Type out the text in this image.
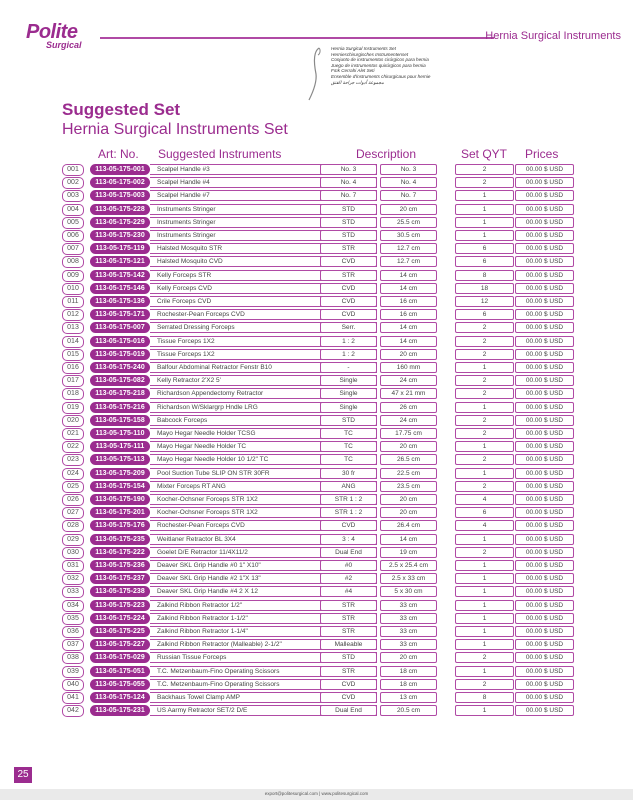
Polite
Surgical
Hernia Surgical Instruments
Hernia Surgical Instruments Set
Hernieschirurgisches Instrumentenset
Conjunto de instrumentos cirúrgicos para hernia
Juego de instrumentos quirúrgicos para hernia
Fıtık Cerrahi Alet Seti
Ensemble d'instruments chirurgicaux pour hernie
مجموعة أدوات جراحة الفتق
Suggested Set
Hernia Surgical Instruments Set
Art: No. Suggested Instruments	Description	Set QYT Prices
001	113-05-175-001	Scalpel Handle #3	No. 3	No. 3	2	00.00 $ USD
002	113-05-175-002	Scalpel Handle #4	No. 4	No. 4	2	00.00 $ USD
003	113-05-175-003	Scalpel Handle #7	No. 7	No. 7	1	00.00 $ USD
004	113-05-175-228	Instruments Stringer	STD	20 cm	1	00.00 $ USD
005	113-05-175-229	Instruments Stringer	STD	25.5 cm	1	00.00 $ USD
006	113-05-175-230	Instruments Stringer	STD	30.5 cm	1	00.00 $ USD
007	113-05-175-119	Halsted Mosquito STR	STR	12.7 cm	6	00.00 $ USD
008	113-05-175-121	Halsted Mosquito CVD	CVD	12.7 cm	6	00.00 $ USD
009	113-05-175-142	Kelly Forceps STR	STR	14 cm	8	00.00 $ USD
010	113-05-175-146	Kelly Forceps CVD	CVD	14 cm	18	00.00 $ USD
011	113-05-175-136	Crile Forceps CVD	CVD	16 cm	12	00.00 $ USD
012	113-05-175-171	Rochester-Pean Forceps CVD	CVD	16 cm	6	00.00 $ USD
013	113-05-175-007	Serrated Dressing Forceps	Serr.	14 cm	2	00.00 $ USD
014	113-05-175-016	Tissue Forceps 1X2	1 : 2	14 cm	2	00.00 $ USD
015	113-05-175-019	Tissue Forceps 1X2	1 : 2	20 cm	2	00.00 $ USD
016	113-05-175-240	Balfour Abdominal Retractor Fenstr B10	-	160 mm	1	00.00 $ USD
017	113-05-175-082	Kelly Retractor 2'X2 5'	Single	24 cm	2	00.00 $ USD
018	113-05-175-218	Richardson Appendectomy Retractor	Single	47 x 21 mm	2	00.00 $ USD
019	113-05-175-216	Richardson W/Sklargrp Hndle LRG	Single	26 cm	1	00.00 $ USD
020	113-05-175-158	Babcock Forceps	STD	24 cm	2	00.00 $ USD
021	113-05-175-110	Mayo Hegar Needle Holder TCSG	TC	17.75 cm	2	00.00 $ USD
022	113-05-175-111	Mayo Hegar Needle Holder TC	TC	20 cm	1	00.00 $ USD
023	113-05-175-113	Mayo Hegar Needle Holder 10 1/2" TC	TC	26.5 cm	2	00.00 $ USD
024	113-05-175-209	Pool Suction Tube SLIP ON STR 30FR	30 fr	22.5 cm	1	00.00 $ USD
025	113-05-175-154	Mixter Forceps RT ANG	ANG	23.5 cm	2	00.00 $ USD
026	113-05-175-190	Kocher-Ochsner Forceps STR 1X2	STR 1 : 2	20 cm	4	00.00 $ USD
027	113-05-175-201	Kocher-Ochsner Forceps STR 1X2	STR 1 : 2	20 cm	6	00.00 $ USD
028	113-05-175-176	Rochester-Pean Forceps CVD	CVD	26.4 cm	4	00.00 $ USD
029	113-05-175-235	Weitlaner Retractor BL 3X4	3 : 4	14 cm	1	00.00 $ USD
030	113-05-175-222	Goelet D/E Retractor 11/4X11/2	Dual End	19 cm	2	00.00 $ USD
031	113-05-175-236	Deaver SKL Grip Handle #0 1" X10"	#0	2.5 x 25.4 cm	1	00.00 $ USD
032	113-05-175-237	Deaver SKL Grip Handle #2 1"X 13"	#2	2.5 x 33 cm	1	00.00 $ USD
033	113-05-175-238	Deaver SKL Grip Handle #4 2 X 12	#4	5 x 30 cm	1	00.00 $ USD
034	113-05-175-223	Zalkind Ribbon Retractor 1/2"	STR	33 cm	1	00.00 $ USD
035	113-05-175-224	Zalkind Ribbon Retractor 1-1/2"	STR	33 cm	1	00.00 $ USD
036	113-05-175-225	Zalkind Ribbon Retractor 1-1/4"	STR	33 cm	1	00.00 $ USD
037	113-05-175-227	Zalkind Ribbon Retractor (Malleable) 2-1/2"	Malleable	33 cm	1	00.00 $ USD
038	113-05-175-029	Russian Tissue Forceps	STD	20 cm	2	00.00 $ USD
039	113-05-175-051	T.C. Metzenbaum-Fino Operating Scissors	STR	18 cm	1	00.00 $ USD
040	113-05-175-055	T.C. Metzenbaum-Fino Operating Scissors	CVD	18 cm	2	00.00 $ USD
041	113-05-175-124	Backhaus Towel Clamp AMP	CVD	13 cm	8	00.00 $ USD
042	113-05-175-231	US Aarmy Retractor SET/2 D/E	Dual End	20.5 cm	1	00.00 $ USD
25
export@politesurgical.com | www.politesurgical.com
